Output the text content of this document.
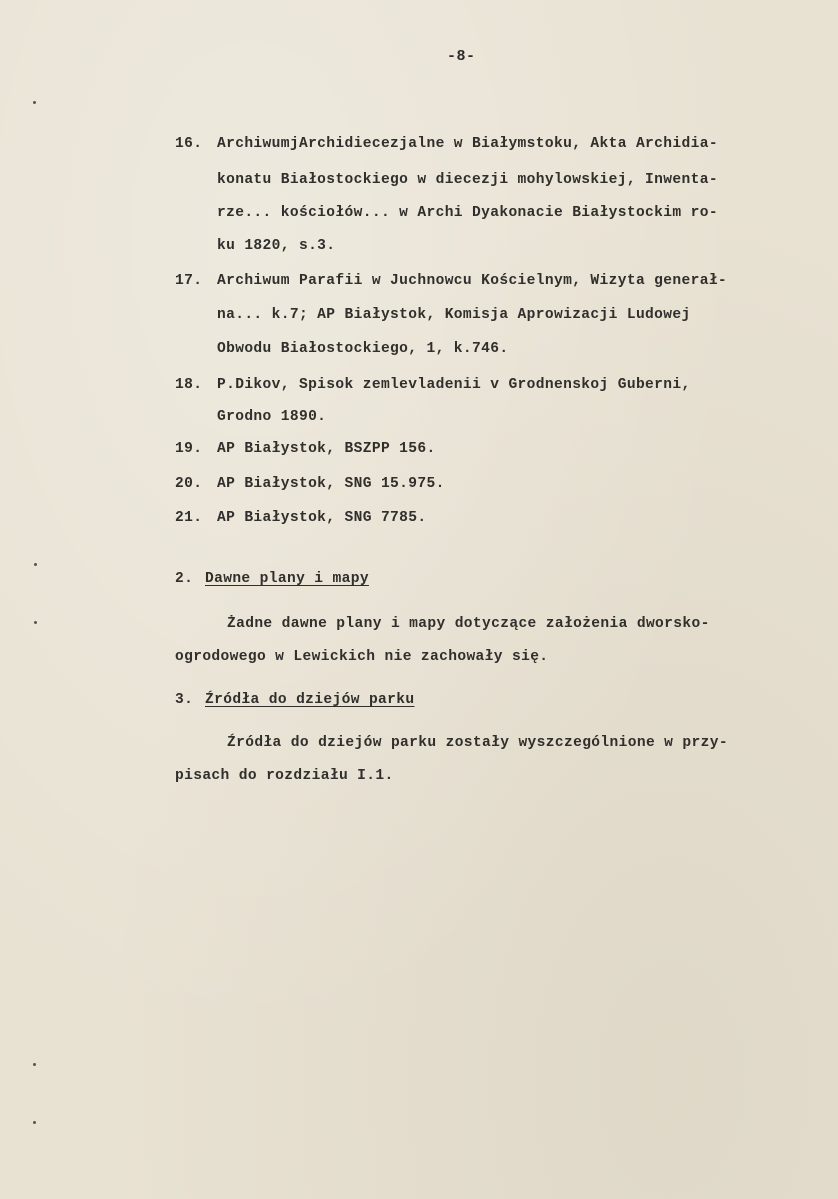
-8-
16. ArchiwumjArchidiecezjalne w Białymstoku, Akta Archidia-
konatu Białostockiego w diecezji mohylowskiej, Inwenta-
rze... kościołów... w Archi Dyakonacie Białystockim ro-
ku 1820, s.3.
17. Archiwum Parafii w Juchnowcu Kościelnym, Wizyta generał-
na... k.7; AP Białystok, Komisja Aprowizacji Ludowej
Obwodu Białostockiego, 1, k.746.
18. P.Dikov, Spisok zemlevladenii v Grodnenskoj Guberni,
Grodno 1890.
19. AP Białystok, BSZPP 156.
20. AP Białystok, SNG 15.975.
21. AP Białystok, SNG 7785.
2. Dawne plany i mapy
Żadne dawne plany i mapy dotyczące założenia dworsko-
ogrodowego w Lewickich nie zachowały się.
3. Źródła do dziejów parku
Źródła do dziejów parku zostały wyszczególnione w przy-
pisach do rozdziału I.1.
